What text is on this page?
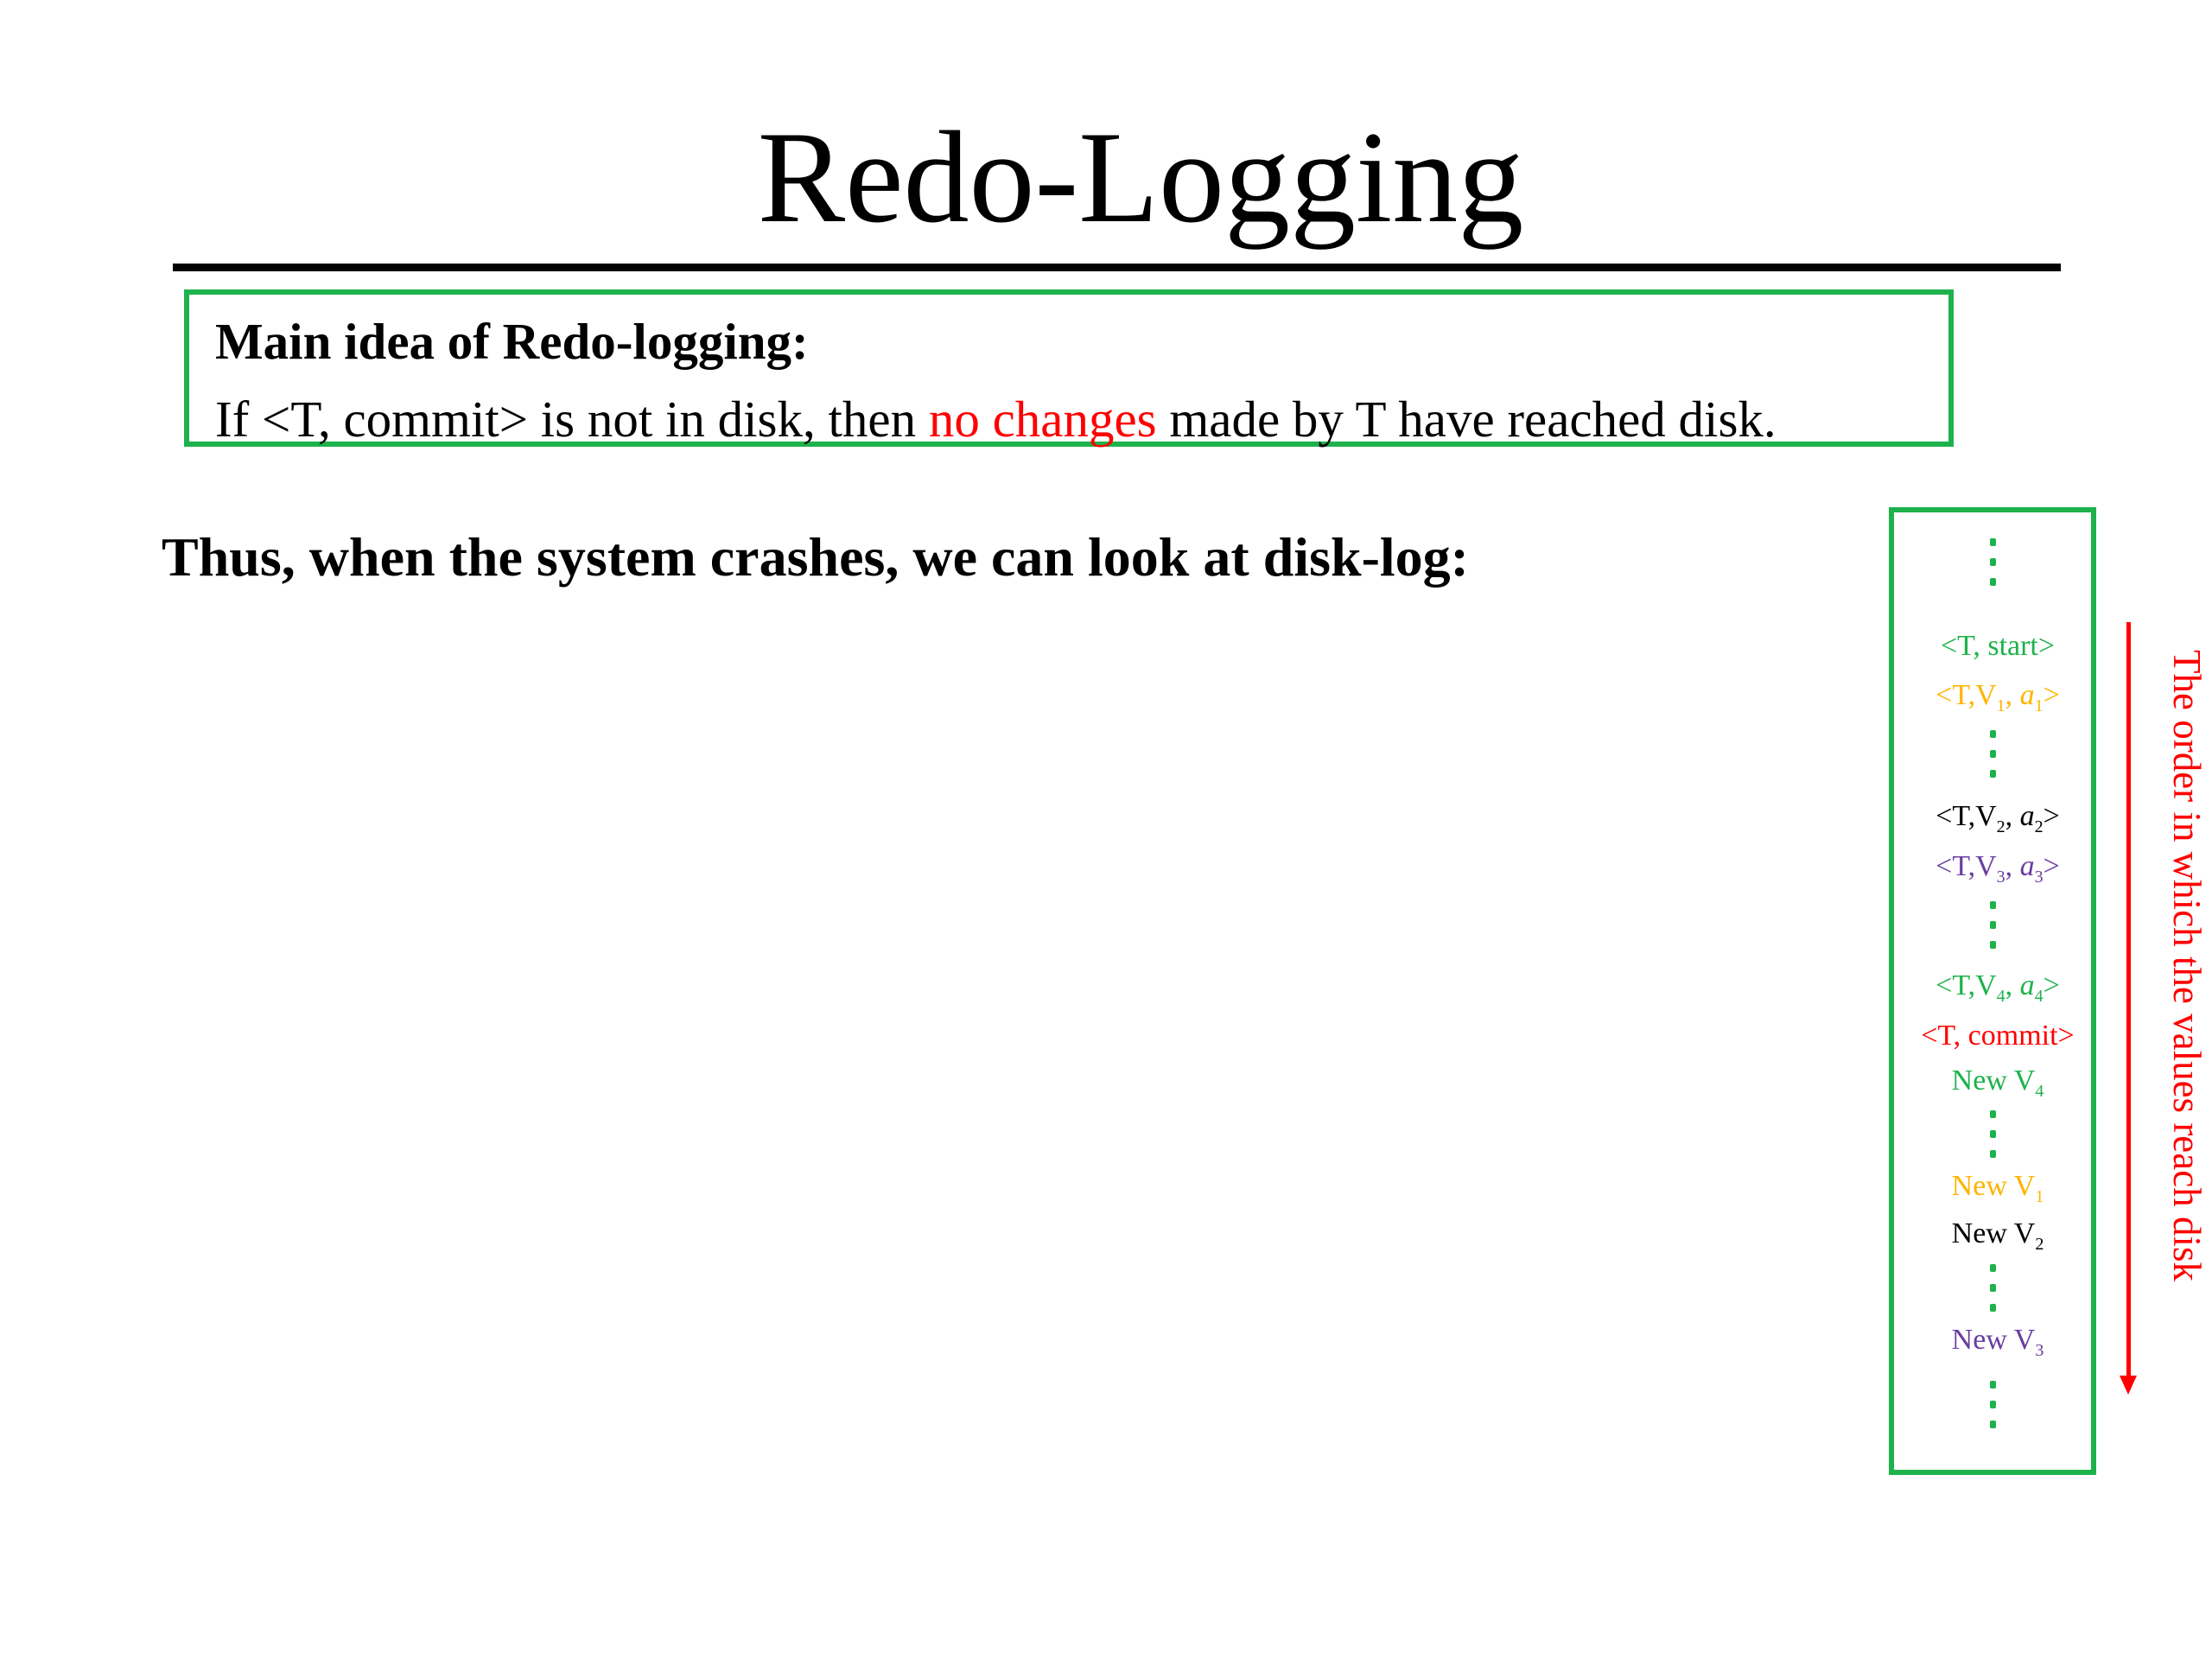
Redo-Logging
Main idea of Redo-logging:
If <T, commit> is not in disk, then no changes made by T have reached disk.
Thus, when the system crashes, we can look at disk-log:
<T, start>
$<T,V_1$, $a_1>$
$<T,V_2$, $a_2>$
$<T,V_3$, $a_3>$
$<T,V_4$, $a_4>$
<T, commit>
New $V_4$
New $V_1$
New $V_2$
New $V_3$
The order in which the values reach disk
